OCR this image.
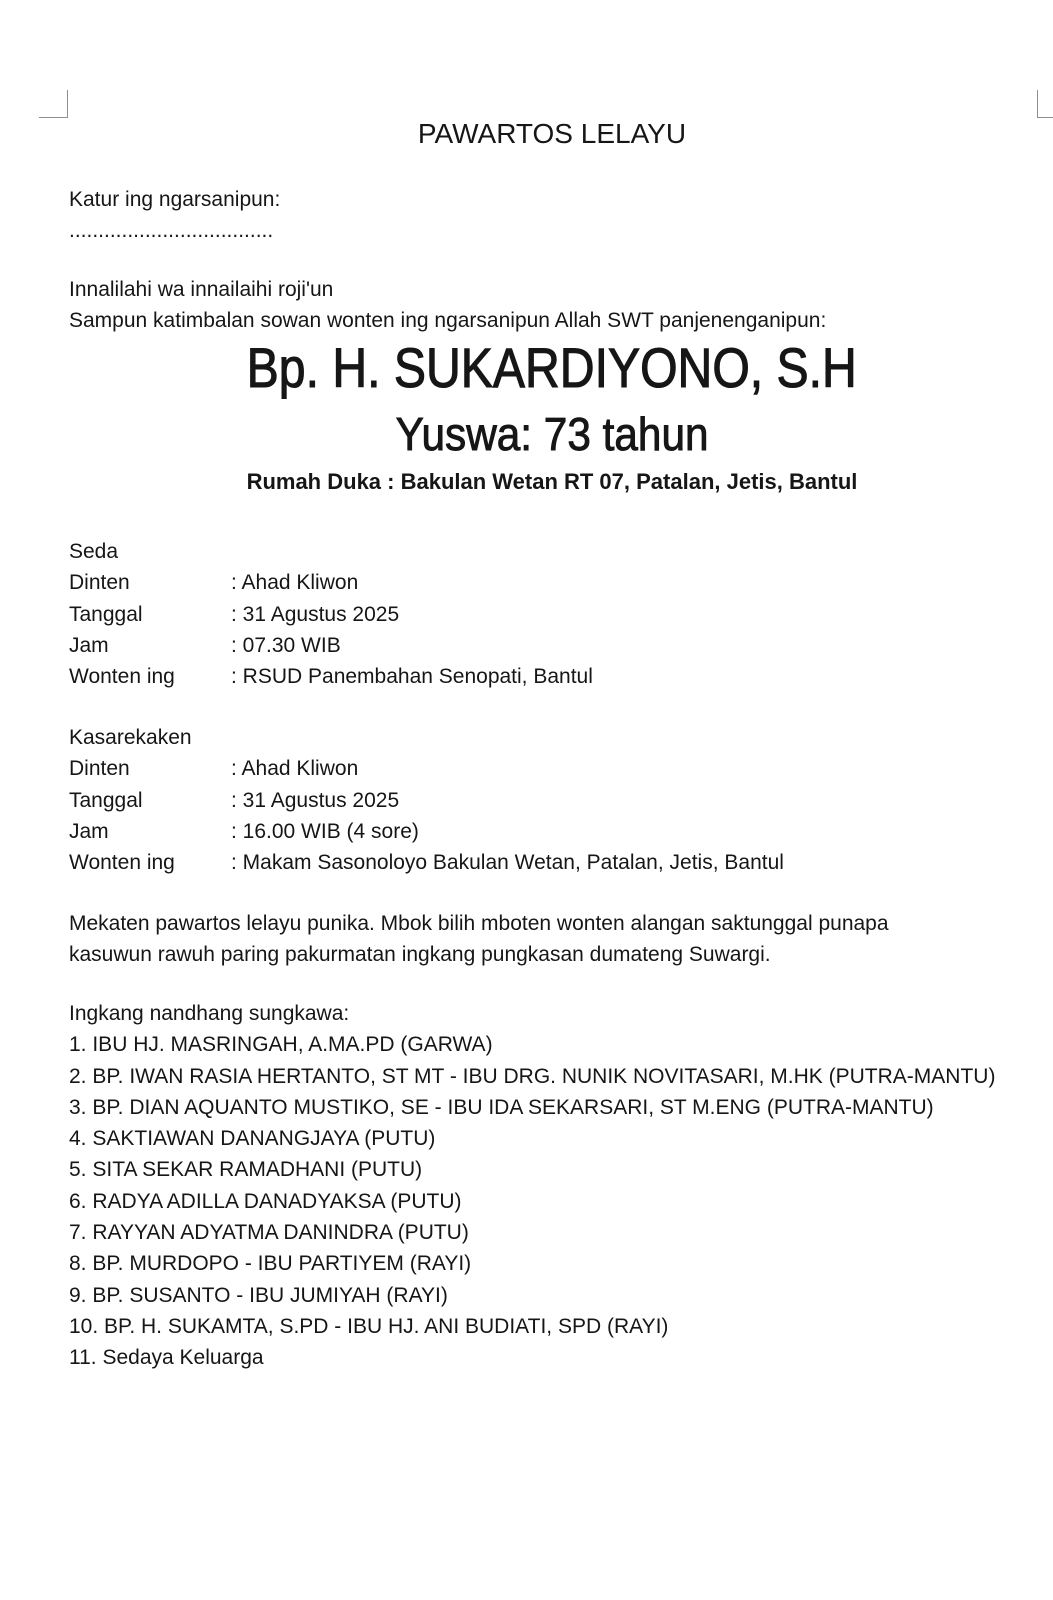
PAWARTOS LELAYU
Katur ing ngarsanipun:
...................................
Innalilahi wa innailaihi roji'un
Sampun katimbalan sowan wonten ing ngarsanipun Allah SWT panjenenganipun:
Bp. H. SUKARDIYONO, S.H
Yuswa: 73 tahun
Rumah Duka : Bakulan Wetan RT 07, Patalan, Jetis, Bantul
Seda
Dinten	: Ahad Kliwon
Tanggal	: 31 Agustus 2025
Jam	: 07.30 WIB
Wonten ing	: RSUD Panembahan Senopati, Bantul
Kasarekaken
Dinten	: Ahad Kliwon
Tanggal	: 31 Agustus 2025
Jam	: 16.00 WIB (4 sore)
Wonten ing	: Makam Sasonoloyo Bakulan Wetan, Patalan, Jetis, Bantul
Mekaten pawartos lelayu punika. Mbok bilih mboten wonten alangan saktunggal punapa
kasuwun rawuh paring pakurmatan ingkang pungkasan dumateng Suwargi.
Ingkang nandhang sungkawa:
1. IBU HJ. MASRINGAH, A.MA.PD (GARWA)
2. BP. IWAN RASIA HERTANTO, ST MT - IBU DRG. NUNIK NOVITASARI, M.HK (PUTRA-MANTU)
3. BP. DIAN AQUANTO MUSTIKO, SE - IBU IDA SEKARSARI, ST M.ENG (PUTRA-MANTU)
4. SAKTIAWAN DANANGJAYA (PUTU)
5. SITA SEKAR RAMADHANI (PUTU)
6. RADYA ADILLA DANADYAKSA (PUTU)
7. RAYYAN ADYATMA DANINDRA (PUTU)
8. BP. MURDOPO - IBU PARTIYEM (RAYI)
9. BP. SUSANTO - IBU JUMIYAH (RAYI)
10. BP. H. SUKAMTA, S.PD - IBU HJ. ANI BUDIATI, SPD (RAYI)
11. Sedaya Keluarga
